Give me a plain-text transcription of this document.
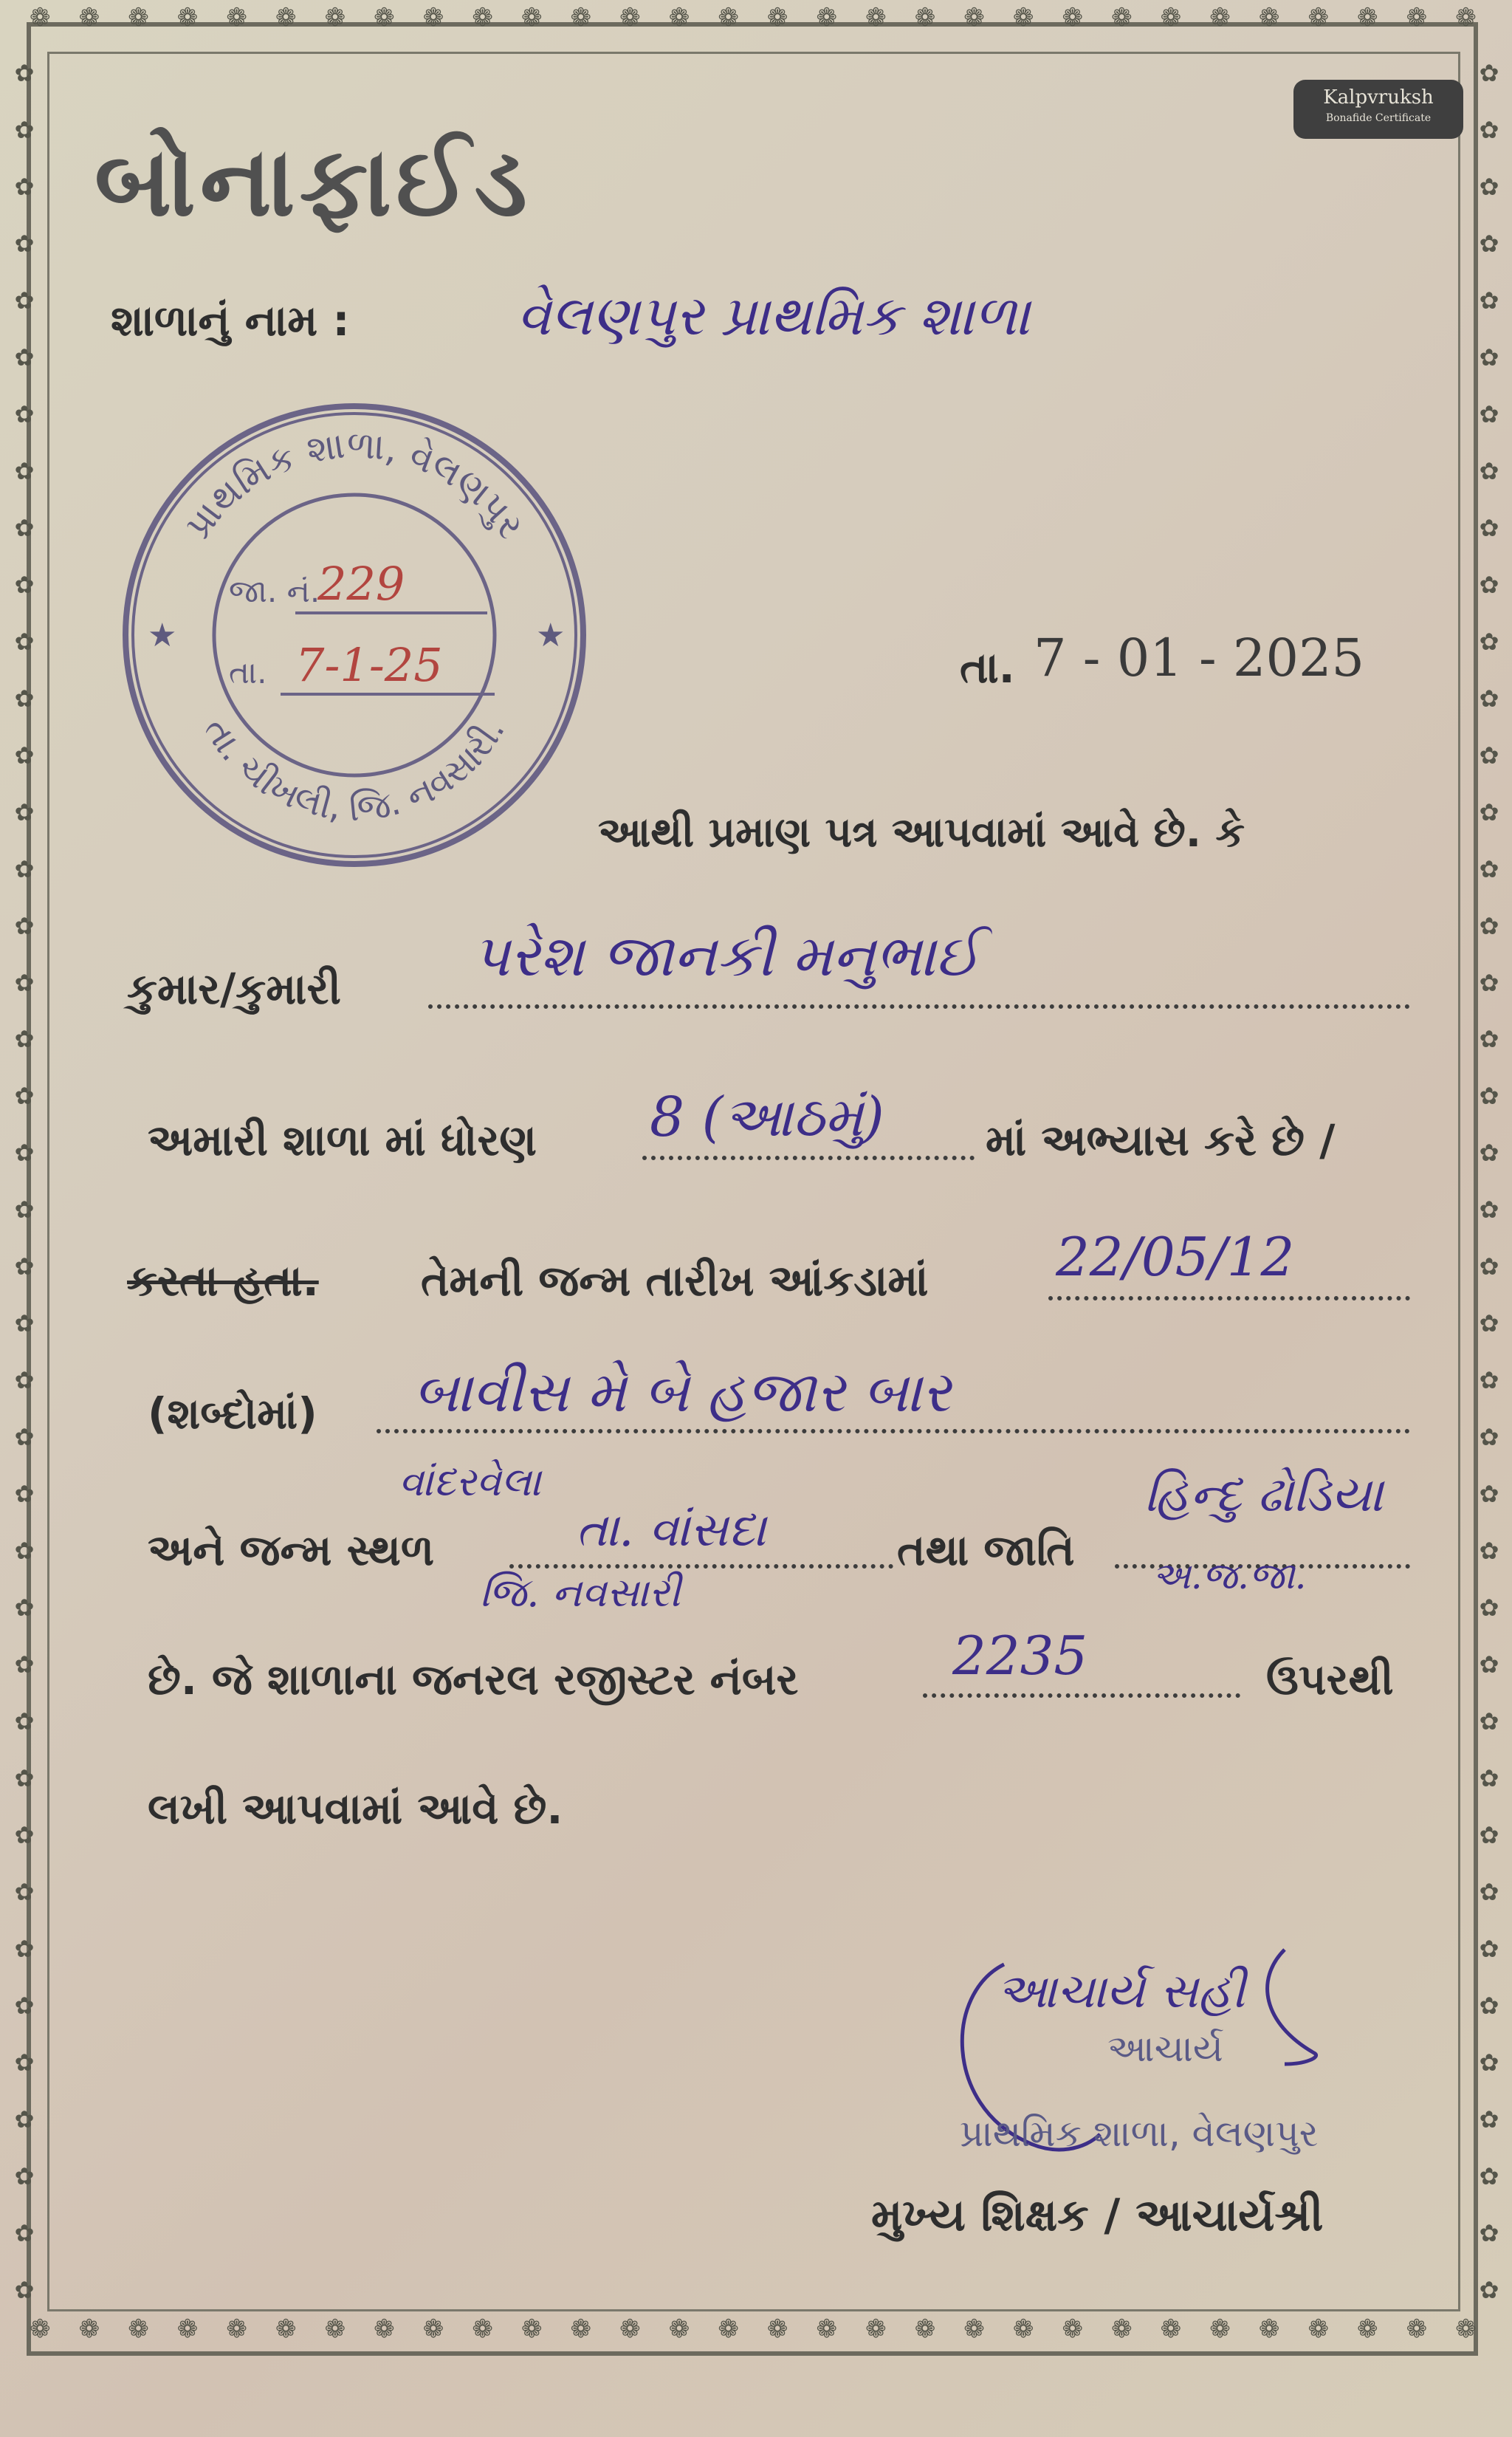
❁ ❁ ❁ ❁ ❁ ❁ ❁ ❁ ❁ ❁ ❁ ❁ ❁ ❁ ❁ ❁ ❁ ❁ ❁ ❁ ❁ ❁ ❁ ❁ ❁ ❁ ❁ ❁ ❁ ❁
❁ ❁ ❁ ❁ ❁ ❁ ❁ ❁ ❁ ❁ ❁ ❁ ❁ ❁ ❁ ❁ ❁ ❁ ❁ ❁ ❁ ❁ ❁ ❁ ❁ ❁ ❁ ❁ ❁ ❁
✿
✿
✿
✿
✿
✿
✿
✿
✿
✿
✿
✿
✿
✿
✿
✿
✿
✿
✿
✿
✿
✿
✿
✿
✿
✿
✿
✿
✿
✿
✿
✿
✿
✿
✿
✿
✿
✿
✿
✿
✿
✿
✿
✿
✿
✿
✿
✿
✿
✿
✿
✿
✿
✿
✿
✿
✿
✿
✿
✿
✿
✿
✿
✿
✿
✿
✿
✿
✿
✿
✿
✿
✿
✿
✿
✿
✿
✿
✿
✿
Kalpvruksh
Bonafide Certificate
બોનાફાઈડ
શાળાનું નામ :	વેલણપુર પ્રાથમિક શાળા
પ્રાથમિક શાળા, વેલણપુર
તા. ચીખલી, જિ. નવસારી.
★	★
જા. નં.
229
તા. 7-1-25	તા. 7 - 01 - 2025
આથી પ્રમાણ પત્ર આપવામાં આવે છે. કે
કુમાર/કુમારી પરેશ જાનકી મનુભાઈ
અમારી શાળા માં ધોરણ 8 (આઠમું) માં અભ્યાસ કરે છે /
કરતા હતા. તેમની જન્મ તારીખ આંકડામાં 22/05/12
(શબ્દોમાં) બાવીસ મે બે હજાર બાર
વાંદરવેલા
અને જન્મ સ્થળ	તા. વાંસદા
જિ. નવસારી
તથા જાતિ
હિન્દુ ઢોડિયા
અ.જ.જા.
છે. જે શાળાના જનરલ રજીસ્ટર નંબર	2235	ઉપરથી
લખી આપવામાં આવે છે.
આચાર્ય સહી
આચાર્ય
પ્રાથમિક શાળા, વેલણપુર
મુખ્ય શિક્ષક / આચાર્યશ્રી
